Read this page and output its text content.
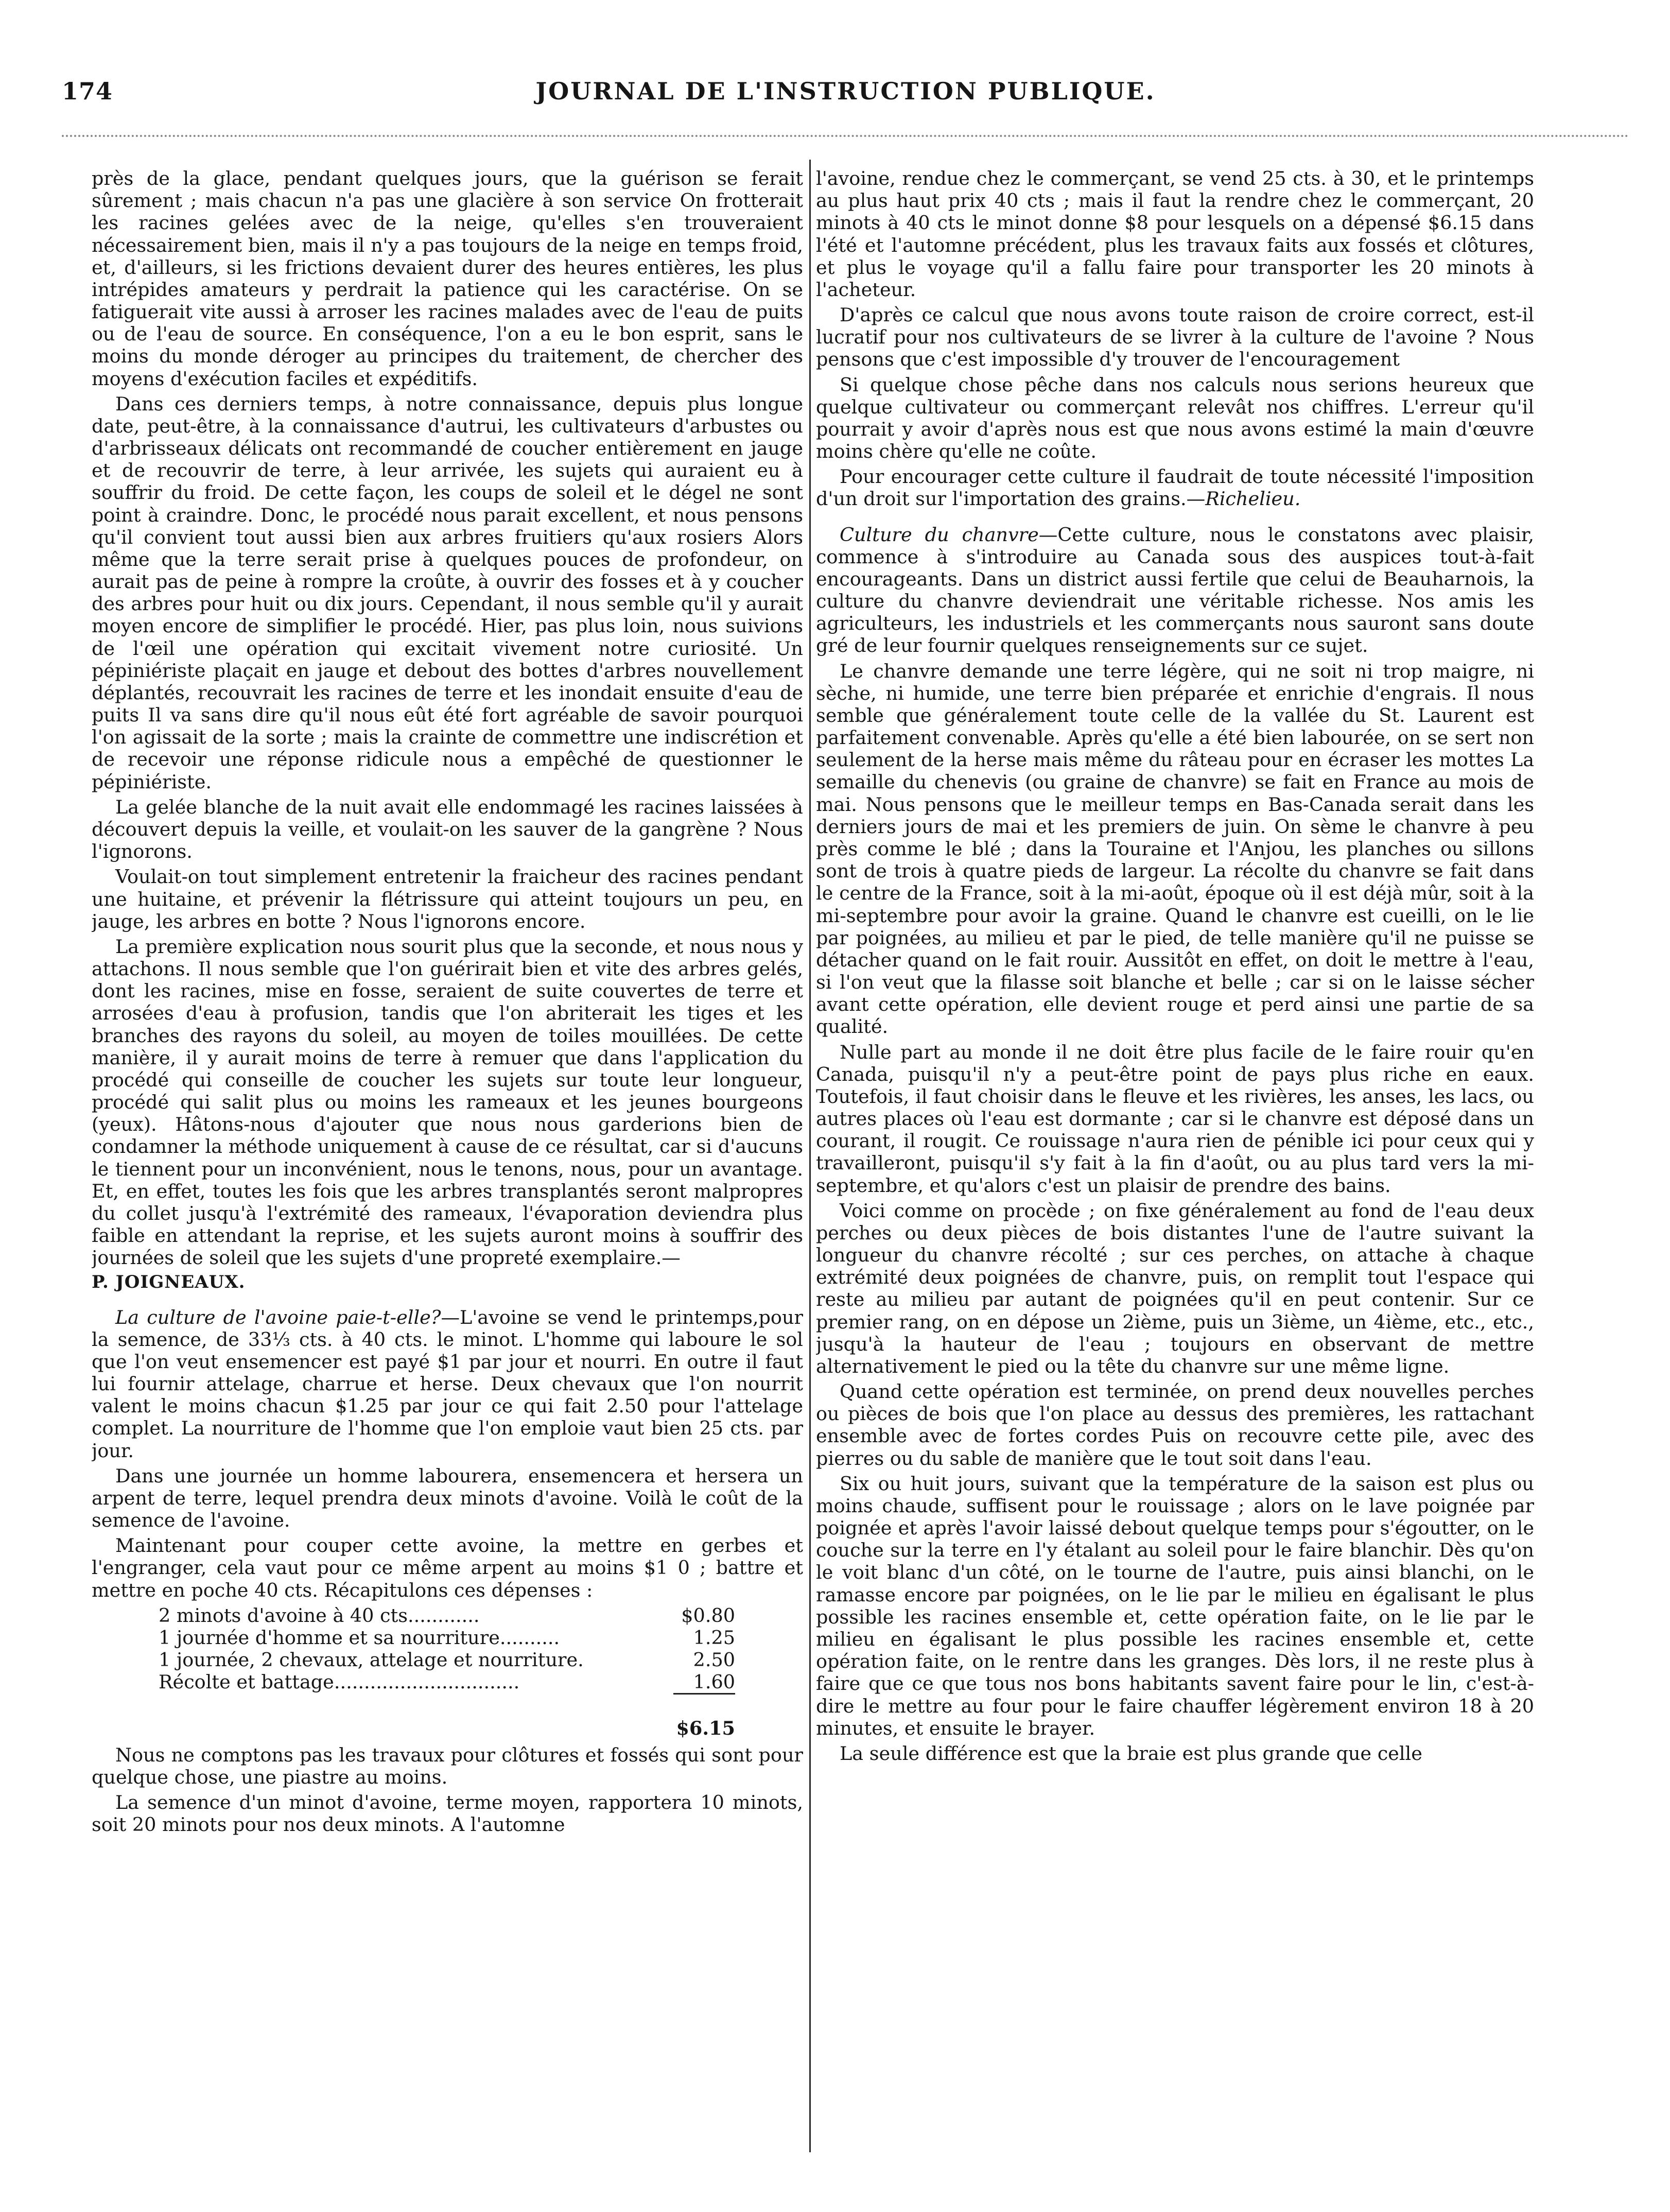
174	JOURNAL DE L'INSTRUCTION PUBLIQUE.

près de la glace, pendant quelques jours, que la guérison se ferait sûrement ; mais chacun n'a pas une glacière à son service On frotterait les racines gelées avec de la neige, qu'elles s'en trouveraient nécessairement bien, mais il n'y a pas toujours de la neige en temps froid, et, d'ailleurs, si les frictions devaient durer des heures entières, les plus intrépides amateurs y perdrait la patience qui les caractérise. On se fatiguerait vite aussi à arroser les racines malades avec de l'eau de puits ou de l'eau de source. En conséquence, l'on a eu le bon esprit, sans le moins du monde déroger au principes du traitement, de chercher des moyens d'exécution faciles et expéditifs.

Dans ces derniers temps, à notre connaissance, depuis plus longue date, peut-être, à la connaissance d'autrui, les cultivateurs d'arbustes ou d'arbrisseaux délicats ont recommandé de coucher entièrement en jauge et de recouvrir de terre, à leur arrivée, les sujets qui auraient eu à souffrir du froid. De cette façon, les coups de soleil et le dégel ne sont point à craindre. Donc, le procédé nous parait excellent, et nous pensons qu'il convient tout aussi bien aux arbres fruitiers qu'aux rosiers Alors même que la terre serait prise à quelques pouces de profondeur, on aurait pas de peine à rompre la croûte, à ouvrir des fosses et à y coucher des arbres pour huit ou dix jours. Cependant, il nous semble qu'il y aurait moyen encore de simplifier le procédé. Hier, pas plus loin, nous suivions de l'œil une opération qui excitait vivement notre curiosité. Un pépiniériste plaçait en jauge et debout des bottes d'arbres nouvellement déplantés, recouvrait les racines de terre et les inondait ensuite d'eau de puits Il va sans dire qu'il nous eût été fort agréable de savoir pourquoi l'on agissait de la sorte ; mais la crainte de commettre une indiscrétion et de recevoir une réponse ridicule nous a empêché de questionner le pépiniériste.

La gelée blanche de la nuit avait elle endommagé les racines laissées à découvert depuis la veille, et voulait-on les sauver de la gangrène ? Nous l'ignorons.

Voulait-on tout simplement entretenir la fraicheur des racines pendant une huitaine, et prévenir la flétrissure qui atteint toujours un peu, en jauge, les arbres en botte ? Nous l'ignorons encore.

La première explication nous sourit plus que la seconde, et nous nous y attachons. Il nous semble que l'on guérirait bien et vite des arbres gelés, dont les racines, mise en fosse, seraient de suite couvertes de terre et arrosées d'eau à profusion, tandis que l'on abriterait les tiges et les branches des rayons du soleil, au moyen de toiles mouillées. De cette manière, il y aurait moins de terre à remuer que dans l'application du procédé qui conseille de coucher les sujets sur toute leur longueur, procédé qui salit plus ou moins les rameaux et les jeunes bourgeons (yeux). Hâtons-nous d'ajouter que nous nous garderions bien de condamner la méthode uniquement à cause de ce résultat, car si d'aucuns le tiennent pour un inconvénient, nous le tenons, nous, pour un avantage. Et, en effet, toutes les fois que les arbres transplantés seront malpropres du collet jusqu'à l'extrémité des rameaux, l'évaporation deviendra plus faible en attendant la reprise, et les sujets auront moins à souffrir des journées de soleil que les sujets d'une propreté exemplaire.—

P. JOIGNEAUX.

La culture de l'avoine paie-t-elle?—L'avoine se vend le printemps,pour la semence, de 33⅓ cts. à 40 cts. le minot. L'homme qui laboure le sol que l'on veut ensemencer est payé $1 par jour et nourri. En outre il faut lui fournir attelage, charrue et herse. Deux chevaux que l'on nourrit valent le moins chacun $1.25 par jour ce qui fait 2.50 pour l'attelage complet. La nourriture de l'homme que l'on emploie vaut bien 25 cts. par jour.

Dans une journée un homme labourera, ensemencera et hersera un arpent de terre, lequel prendra deux minots d'avoine. Voilà le coût de la semence de l'avoine.

Maintenant pour couper cette avoine, la mettre en gerbes et l'engranger, cela vaut pour ce même arpent au moins $1 0 ; battre et mettre en poche 40 cts. Récapitulons ces dépenses :

2 minots d'avoine à 40 cts............	$0.80
1 journée d'homme et sa nourriture..........	1.25
1 journée, 2 chevaux, attelage et nourriture.	2.50
Récolte et battage...............................	1.60
	$6.15

Nous ne comptons pas les travaux pour clôtures et fossés qui sont pour quelque chose, une piastre au moins.

La semence d'un minot d'avoine, terme moyen, rapportera 10 minots, soit 20 minots pour nos deux minots. A l'automne

l'avoine, rendue chez le commerçant, se vend 25 cts. à 30, et le printemps au plus haut prix 40 cts ; mais il faut la rendre chez le commerçant, 20 minots à 40 cts le minot donne $8 pour lesquels on a dépensé $6.15 dans l'été et l'automne précédent, plus les travaux faits aux fossés et clôtures, et plus le voyage qu'il a fallu faire pour transporter les 20 minots à l'acheteur.

D'après ce calcul que nous avons toute raison de croire correct, est-il lucratif pour nos cultivateurs de se livrer à la culture de l'avoine ? Nous pensons que c'est impossible d'y trouver de l'encouragement

Si quelque chose pêche dans nos calculs nous serions heureux que quelque cultivateur ou commerçant relevât nos chiffres. L'erreur qu'il pourrait y avoir d'après nous est que nous avons estimé la main d'œuvre moins chère qu'elle ne coûte.

Pour encourager cette culture il faudrait de toute nécessité l'imposition d'un droit sur l'importation des grains.—Richelieu.

Culture du chanvre—Cette culture, nous le constatons avec plaisir, commence à s'introduire au Canada sous des auspices tout-à-fait encourageants. Dans un district aussi fertile que celui de Beauharnois, la culture du chanvre deviendrait une véritable richesse. Nos amis les agriculteurs, les industriels et les commerçants nous sauront sans doute gré de leur fournir quelques renseignements sur ce sujet.

Le chanvre demande une terre légère, qui ne soit ni trop maigre, ni sèche, ni humide, une terre bien préparée et enrichie d'engrais. Il nous semble que généralement toute celle de la vallée du St. Laurent est parfaitement convenable. Après qu'elle a été bien labourée, on se sert non seulement de la herse mais même du râteau pour en écraser les mottes La semaille du chenevis (ou graine de chanvre) se fait en France au mois de mai. Nous pensons que le meilleur temps en Bas-Canada serait dans les derniers jours de mai et les premiers de juin. On sème le chanvre à peu près comme le blé ; dans la Touraine et l'Anjou, les planches ou sillons sont de trois à quatre pieds de largeur. La récolte du chanvre se fait dans le centre de la France, soit à la mi-août, époque où il est déjà mûr, soit à la mi-septembre pour avoir la graine. Quand le chanvre est cueilli, on le lie par poignées, au milieu et par le pied, de telle manière qu'il ne puisse se détacher quand on le fait rouir. Aussitôt en effet, on doit le mettre à l'eau, si l'on veut que la filasse soit blanche et belle ; car si on le laisse sécher avant cette opération, elle devient rouge et perd ainsi une partie de sa qualité.

Nulle part au monde il ne doit être plus facile de le faire rouir qu'en Canada, puisqu'il n'y a peut-être point de pays plus riche en eaux. Toutefois, il faut choisir dans le fleuve et les rivières, les anses, les lacs, ou autres places où l'eau est dormante ; car si le chanvre est déposé dans un courant, il rougit. Ce rouissage n'aura rien de pénible ici pour ceux qui y travailleront, puisqu'il s'y fait à la fin d'août, ou au plus tard vers la mi-septembre, et qu'alors c'est un plaisir de prendre des bains.

Voici comme on procède ; on fixe généralement au fond de l'eau deux perches ou deux pièces de bois distantes l'une de l'autre suivant la longueur du chanvre récolté ; sur ces perches, on attache à chaque extrémité deux poignées de chanvre, puis, on remplit tout l'espace qui reste au milieu par autant de poignées qu'il en peut contenir. Sur ce premier rang, on en dépose un 2ième, puis un 3ième, un 4ième, etc., etc., jusqu'à la hauteur de l'eau ; toujours en observant de mettre alternativement le pied ou la tête du chanvre sur une même ligne.

Quand cette opération est terminée, on prend deux nouvelles perches ou pièces de bois que l'on place au dessus des premières, les rattachant ensemble avec de fortes cordes Puis on recouvre cette pile, avec des pierres ou du sable de manière que le tout soit dans l'eau.

Six ou huit jours, suivant que la température de la saison est plus ou moins chaude, suffisent pour le rouissage ; alors on le lave poignée par poignée et après l'avoir laissé debout quelque temps pour s'égoutter, on le couche sur la terre en l'y étalant au soleil pour le faire blanchir. Dès qu'on le voit blanc d'un côté, on le tourne de l'autre, puis ainsi blanchi, on le ramasse encore par poignées, on le lie par le milieu en égalisant le plus possible les racines ensemble et, cette opération faite, on le lie par le milieu en égalisant le plus possible les racines ensemble et, cette opération faite, on le rentre dans les granges. Dès lors, il ne reste plus à faire que ce que tous nos bons habitants savent faire pour le lin, c'est-à-dire le mettre au four pour le faire chauffer légèrement environ 18 à 20 minutes, et ensuite le brayer.

La seule différence est que la braie est plus grande que celle
